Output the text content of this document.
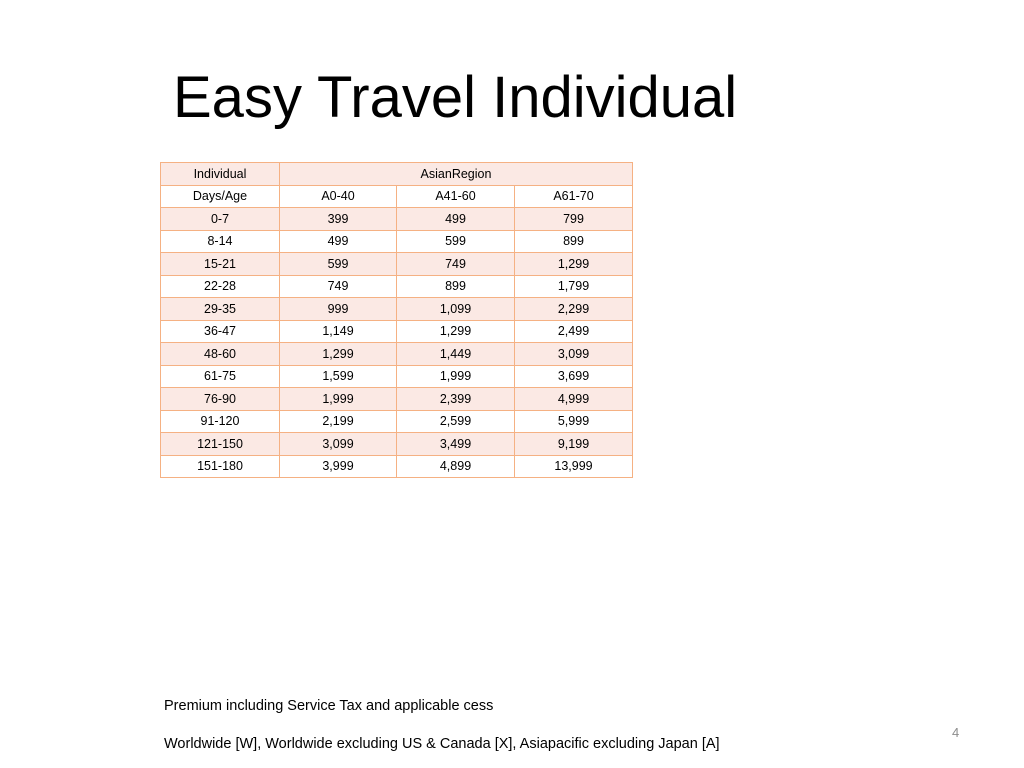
Easy Travel Individual
Individual	AsianRegion		
Days/Age	A0-40	A41-60	A61-70
0-7	399	499	799
8-14	499	599	899
15-21	599	749	1,299
22-28	749	899	1,799
29-35	999	1,099	2,299
36-47	1,149	1,299	2,499
48-60	1,299	1,449	3,099
61-75	1,599	1,999	3,699
76-90	1,999	2,399	4,999
91-120	2,199	2,599	5,999
121-150	3,099	3,499	9,199
151-180	3,999	4,899	13,999
Premium including Service Tax and applicable cess
Worldwide [W], Worldwide excluding US & Canada [X], Asiapacific excluding Japan [A]
4
